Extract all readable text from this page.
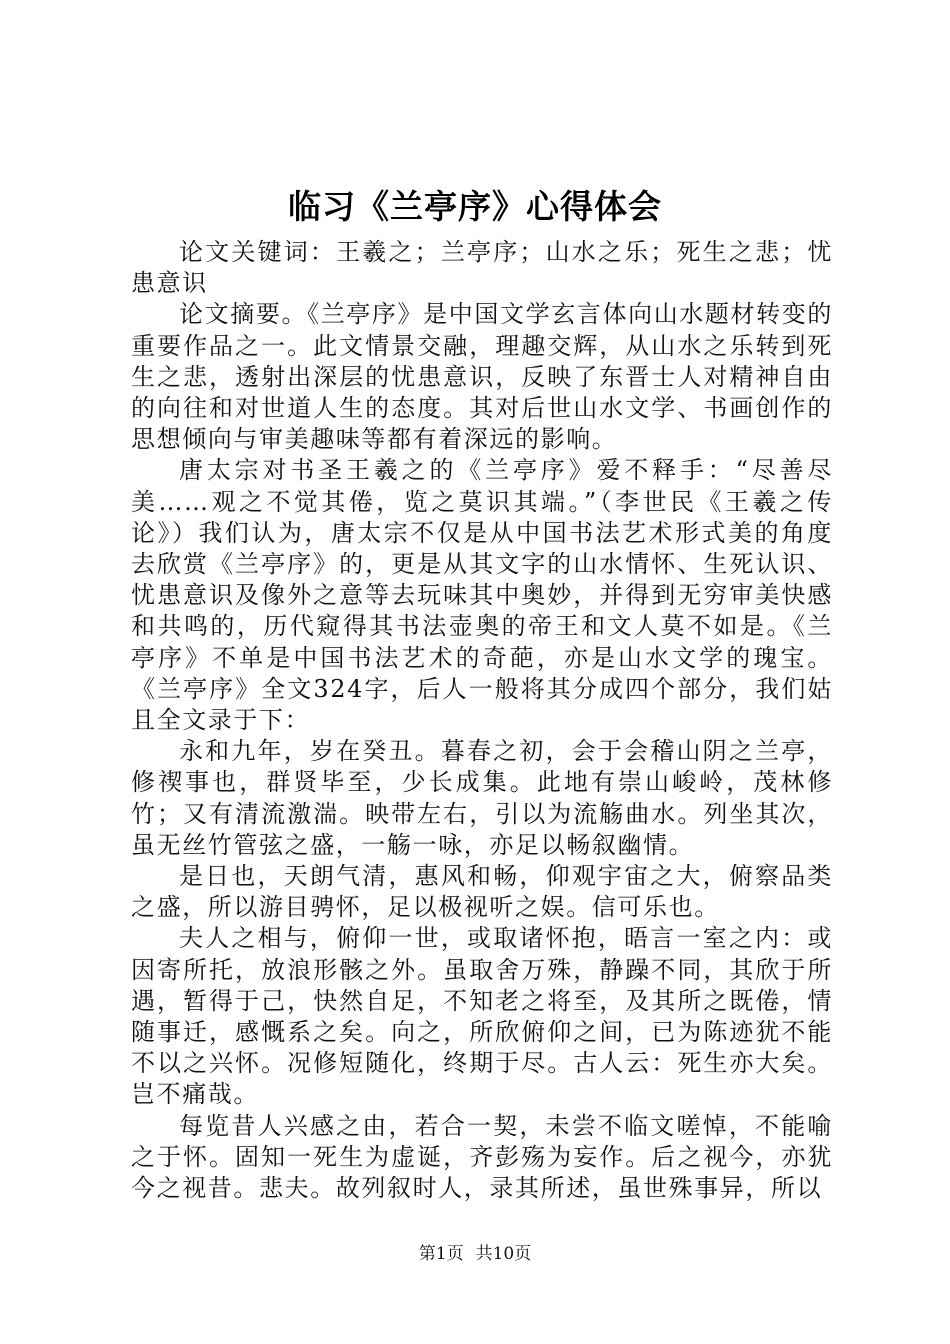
临习《兰亭序》心得体会

论文关键词：王羲之；兰亭序；山水之乐；死生之悲；忧患意识

论文摘要。《兰亭序》是中国文学玄言体向山水题材转变的重要作品之一。此文情景交融，理趣交辉，从山水之乐转到死生之悲，透射出深层的忧患意识，反映了东晋士人对精神自由的向往和对世道人生的态度。其对后世山水文学、书画创作的思想倾向与审美趣味等都有着深远的影响。

唐太宗对书圣王羲之的《兰亭序》爱不释手：“尽善尽美……观之不觉其倦，览之莫识其端。”（李世民《王羲之传论》）我们认为，唐太宗不仅是从中国书法艺术形式美的角度去欣赏《兰亭序》的，更是从其文字的山水情怀、生死认识、忧患意识及像外之意等去玩味其中奥妙，并得到无穷审美快感和共鸣的，历代窥得其书法壶奥的帝王和文人莫不如是。《兰亭序》不单是中国书法艺术的奇葩，亦是山水文学的瑰宝。《兰亭序》全文324字，后人一般将其分成四个部分，我们姑且全文录于下：

永和九年，岁在癸丑。暮春之初，会于会稽山阴之兰亭，修禊事也，群贤毕至，少长成集。此地有崇山峻岭，茂林修竹；又有清流激湍。映带左右，引以为流觞曲水。列坐其次，虽无丝竹管弦之盛，一觞一咏，亦足以畅叙幽情。

是日也，天朗气清，惠风和畅，仰观宇宙之大，俯察品类之盛，所以游目骋怀，足以极视听之娱。信可乐也。

夫人之相与，俯仰一世，或取诸怀抱，晤言一室之内：或因寄所托，放浪形骸之外。虽取舍万殊，静躁不同，其欣于所遇，暂得于己，快然自足，不知老之将至，及其所之既倦，情随事迁，感慨系之矣。向之，所欣俯仰之间，已为陈迹犹不能不以之兴怀。况修短随化，终期于尽。古人云：死生亦大矣。岂不痛哉。

每览昔人兴感之由，若合一契，未尝不临文嗟悼，不能喻之于怀。固知一死生为虚诞，齐彭殇为妄作。后之视今，亦犹今之视昔。悲夫。故列叙时人，录其所述，虽世殊事异，所以

第1页 共10页
